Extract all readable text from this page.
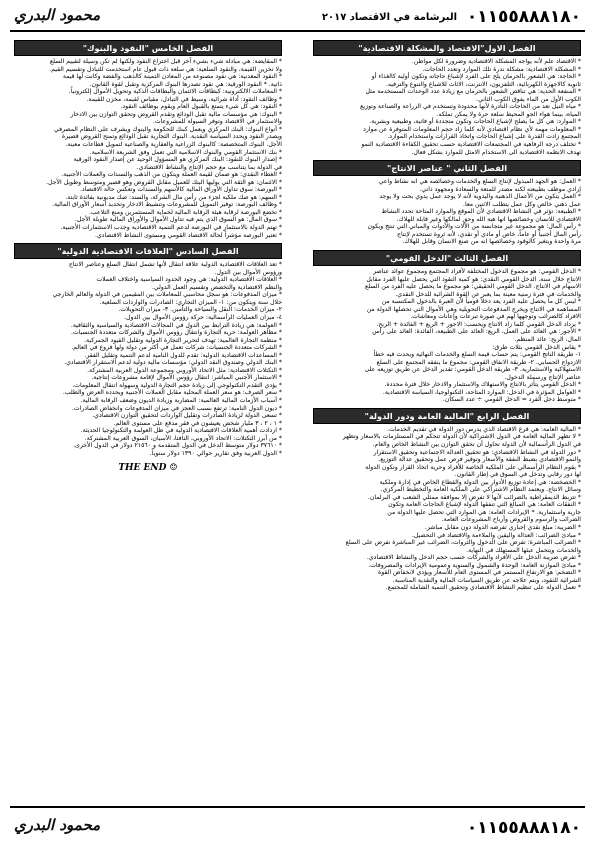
محمود البدري	البرشامة في الاقتصاد ٢٠١٧ ٠١١٥٥٨٨٨١٨٠
الفصل الاول"الاقتصاد والمشكلة الاقتصادية"

* الاقتصاد علم لأنه يواجه المشكلة الاقتصادية وضرورة لكل مواطن.

* المشكلة الاقتصادية: مشكلة ندرة تلك الموارد وتعدد الحاجات.

* الحاجة: هي الشعور بالحرمان يلح على الفرد لإشباع حاجاته وتكون أولية كالغذاء أو

ثانوية كالاجهزة الكهربائية، التلفزيون، الانترنت، الاثاث للاشباع والتنوع والترفيه.

* المنفعة الحدية: هي تناقص الشعور بالحرمان مع زيادة عدد الوحدات المستخدمة مثل

الكوب الأول من الماء يفوق الكوب الثاني.

* مياه النيل تعد من الحاجات النادرة لأنها محدودة وتستخدم في الزراعة والصناعة وتوزيع

المياه، بينما هواء الجو المحيط سلعة حرة ولا يمكن تملكه.

* الموارد: هي كل ما يصلح لإشباع الحاجات وتكون متجددة أو فانية، وطبيعية وبشرية.

* المعلومات مهمة لأي نظام اقتصادي لأنه كلما زاد حجم المعلومات المتوفرة عن موارد

المجتمع زادت القدرة على إشباع الحاجات واتخاذ القرارات واستخدام الموارد.

* تختلف درجة الرفاهية في المجتمعات الاقتصادية حسب تحقيق الكفاءة الاقتصادية النمو

تهدف الانظمة الاقتصادية الى الاستخدام الامثل للموارد بشكل فعال.

الفصل الثاني " عناصر الانتاج"

* العمل: هو الجهد المبذول لإنتاج السلع والخدمات وخصائصه هي انه نشاط واعي

إرادي موظف بطبيعته لكنه مصدر للمتعة والسعادة ومجهود ذاتي.

* العمل يتكون من الأعمال الذهنية واليدوية لأنه لا يوجد عمل يدوي بحت ولا يوجد

عمل ذهني خالص وكل عمل يتطلب الاثنين معا.

* الطبيعة: تؤثر في النشاط الاقتصادي لأن الموقع والموارد المتاحة تحدد النشاط

الاقتصادي للانسان وخصائصها انها هبة الله وحق لمالكها وغير قابلة للهلاك.

* رأس المال: هو مجموعة غير متجانسة من الآلات والأدوات والمباني التي تنتج ويكون

رأس المال أجنبياً أو عاماً، خاص أو مادي أو نقدي، لأنه ثروة تستخدم لإنتاج

مرة واحدة ويتغير كالوقود وخصائصها انه من صنع الانسان وقابل للهلاك.

الفصل الثالث "الدخل القومي"

* الدخل القومي: هو مجموع الدخول المختلفة لأفراد المجتمع ومجموع عوائد عناصر

الانتاج خلال سنة. الدخل القومي النقدي: هو كمية النقود التي يحصل عليها الفرد مقابل

الاسهام في الانتاج. الدخل القومي الحقيقي: هو مجموع ما يحصل عليه الفرد من السلع

والخدمات في فترة زمنية معينة بما يعبر عن القوة الشرائية للدخل النقدي.

* ليس كل ما يحصل عليه الفرد يعد دخلاً قومياً لأن العبرة بالدخول المكتسبة من

المساهمة في الانتاج ويخرج المدفوعات التحويلية وهي الأموال التي تحصلها الدولة من

الافراد كالضرائب وتوجهها لهم في صورة تبرعات وإعانات ومعاشات.

* يزداد الدخل القومي كلما زاد الانتاج ويحسب: الاجور + الريع + الفائدة + الربح.

* الأجور: هي العائد على العمل، الريع: العائد على الطبيعة، الفائدة: العائد على رأس

المال، الربح: عائد المنظم.

* يقاس الدخل القومي بثلاث طرق:

١- طريقة الناتج القومي: يتم حساب قيمة السلع والخدمات النهائية ويحدث فيه خطأ

الازدواج الحسابي. ٢- طريقة الانفاق القومي: مجموع ما ينفقه المجتمع على السلع

الاستهلاكية والاستثمارية. ٣- طريقة الدخل القومي: تقدير الدخل عن طريق توزيعه على

عناصر الإنتاج ورسملة الدخول.

* الدخل القومي يتأثر بالانتاج والاستهلاك والاستثمار والادخار خلال فترة محددة.

* العوامل المؤثرة في الدخل: الموارد المتاحة، التكنولوجيا، السياسة الاقتصادية.

* متوسط دخل الفرد = الدخل القومي ÷ عدد السكان.

الفصل الرابع "المالية العامة ودور الدولة"

* المالية العامة: هي فرع الاقتصاد الذي يدرس دور الدولة في تقديم الخدمات.

* لا تظهر المالية العامة في الدول الاشتراكية لأن الدولة تتحكم في المستلزمات بالاسعار وتظهر

في الدول الرأسمالية لأن الدولة تحاول أن تحقق التوازن بين النشاط الخاص والعام.

* دور الدولة في النشاط الاقتصادي: هو تحقيق العدالة الاجتماعية وتحقيق الاستقرار

والنمو الاقتصادي بضبط النفقة والأسعار وتوفير فرص عمل وتحقيق عدالة التوزيع.

* يقوم النظام الرأسمالي على الملكية الخاصة للأفراد وحرية اتخاذ القرار وتكون الدولة

لها دور رقابي وتدخل في السوق في إطار القانون.

* الخصخصة: هي إعادة توزيع الأدوار بين الدولة والقطاع الخاص في إدارة وملكية

وسائل الانتاج. ويعتمد النظام الاشتراكي على الملكية العامة والتخطيط المركزي.

* تتربط الديمقراطية بالضرائب لأنها لا تفرض إلا بموافقة ممثلي الشعب في البرلمان.

* النفقات العامة: هي المبالغ التي تنفقها الدولة لإشباع الحاجات العامة وتكون

جارية واستثمارية. * الإيرادات العامة: هي الموارد التي تحصل عليها الدولة من

الضرائب والرسوم والقروض وأرباح المشروعات العامة.

* الضريبة: مبلغ نقدي إجباري تفرضه الدولة دون مقابل مباشر.

* مبادئ الضرائب: العدالة واليقين والملاءمة والاقتصاد في التحصيل.

* الضرائب المباشرة: تفرض على الدخول والثروات، الضرائب غير المباشرة تفرض على السلع

والخدمات ويتحمل عبئها المستهلك في النهاية.

* تفرض ضريبة الدخل على الأفراد والشركات حسب حجم الدخل والنشاط الاقتصادي.

* مبادئ الموازنة العامة: الوحدة والشمول والسنوية وعمومية الإيرادات والمصروفات.

* التضخم: هو الارتفاع المستمر في المستوى العام للأسعار ويؤدي لانخفاض القوة

الشرائية للنقود، ويتم علاجه عن طريق السياسات المالية والنقدية المناسبة.

* تعمل الدولة على تنظيم النشاط الاقتصادي وتحقيق التنمية الشاملة للمجتمع.

الفصل الخامس "النقود والبنوك"

* المقايضة: هي مبادلة شيء بشيء آخر قبل اختراع النقود ولكنها لم تكن وسيلة لتقييم السلع

ولا تخزين القيمة، والنقود السلعية: هي سلعة ذات قبول عام استخدمت للتبادل وتقسيم القيم.

* النقود المعدنية: هي نقود مصنوعة من المعادن الثمينة كالذهب والفضة وكانت لها قيمة

ذاتية. * النقود الورقية: هي نقود تصدرها البنوك المركزية وتقبل لقوة القانون.

* المعاملات الالكترونية: كبطاقات الائتمان والبطاقات الذكية وتحويل الأموال إلكترونياً.

* وظائف النقود: أداة شرائية، وسيط في التبادل، مقياس لقيمة، مخزن للقيمة.

* النقود: هي كل شيء يتمتع بالقبول العام ويقوم بوظائف النقود.

* البنوك: هي مؤسسات مالية تقبل الودائع وتقدم القروض وتحقق التوازن بين الادخار

والاستثمار في الاقتصاد وتوفر السيولة للمشروعات.

* أنواع البنوك: البنك المركزي ويعمل كبنك للحكومة والبنوك ويشرف على النظام المصرفي

ويصدر النقود ويحدد السياسة النقدية. البنوك التجارية تقبل الودائع وتمنح القروض قصيرة

الأجل. البنوك المتخصصة: كالبنوك الزراعية والعقارية والصناعية لتمويل قطاعات معينة.

* بنك الاستثمار القومي والبنوك الاسلامية التي تعمل وفق الشريعة الاسلامية.

* إصدار البنوك للنقود: البنك المركزي هو المسؤول الوحيد عن إصدار النقود الورقية

في الدولة بما يتناسب مع حجم الإنتاج والنشاط الاقتصادي.

* الغطاء النقدي: هو ضمان لقيمة العملة ويتكون من الذهب والسندات والعملات الأجنبية.

* الائتمان: هو الثقة التي يوليها البنك للعميل مقابل القروض وهو قصير ومتوسط وطويل الأجل.

* البورصة: سوق تداول الأوراق المالية كالأسهم والسندات وتعكس حالة الاقتصاد.

* السهم: هو صك ملكية لجزء من رأس مال الشركة، والسند: صك مديونية بفائدة ثابتة.

* وظائف البورصة: توفير التمويل للمشروعات وتنشيط الادخار وتحديد أسعار الأوراق المالية.

* تخضع البورصة لرقابة هيئة الرقابة المالية لحماية المستثمرين ومنع التلاعب.

* سوق المال: هو السوق الذي يتم فيه تداول الأموال والأوراق المالية طويلة الأجل.

* تهتم الدولة بالاستثمار في البورصة لدعم التنمية الاقتصادية وجذب الاستثمارات الأجنبية.

* تعتبر البورصة مؤشراً لحالة الاقتصاد القومي ومستوى النشاط الاقتصادي.

الفصل السادس "العلاقات الاقتصادية الدولية"

* تعد العلاقات الاقتصادية الدولية علاقة انتقال لأنها تشمل انتقال السلع وعناصر الانتاج

ورؤوس الأموال بين الدول.

* العلاقات الاقتصادية الدولية: هي وجود الحدود السياسية واختلاف العملات

والنظم الاقتصادية والتخصص وتقسيم العمل الدولي.

* ميزان المدفوعات: هو سجل محاسبي للمعاملات بين المقيمين في الدولة والعالم الخارجي

خلال سنة ويتكون من: ١- الميزان التجاري: الصادرات والواردات السلعية.

٢- ميزان الخدمات: النقل والسياحة والتأمين. ٣- ميزان التحويلات.

٤- ميزان العمليات الرأسمالية: حركة رؤوس الأموال بين الدول.

* العولمة: هي زيادة الترابط بين الدول في المجالات الاقتصادية والسياسية والثقافية.

* مظاهر العولمة: حرية التجارة وانتقال رؤوس الأموال والشركات متعددة الجنسيات.

* منظمة التجارة العالمية: تهدف لتحرير التجارة الدولية وتقليل القيود الجمركية.

* الشركات متعددة الجنسيات: شركات تعمل في أكثر من دولة ولها فروع في العالم.

* المساعدات الاقتصادية الدولية: تقدم للدول النامية لدعم التنمية وتقليل الفقر.

* البنك الدولي وصندوق النقد الدولي: مؤسسات مالية دولية لدعم الاستقرار الاقتصادي.

* التكتلات الاقتصادية: مثل الاتحاد الأوروبي ومجموعة الدول العربية المشتركة.

* الاستثمار الأجنبي المباشر: انتقال رؤوس الأموال لإقامة مشروعات إنتاجية.

* يؤدي التقدم التكنولوجي إلى زيادة حجم التجارة الدولية وسهولة انتقال المعلومات.

* سعر الصرف: هو سعر العملة المحلية مقابل العملات الأجنبية ويحدده العرض والطلب.

* أسباب الأزمات المالية العالمية: المضاربة وزيادة الديون وضعف الرقابة المالية.

* ديون الدول النامية: ترتفع بسبب العجز في ميزان المدفوعات وانخفاض الصادرات.

* تسعى الدولة لزيادة الصادرات وتقليل الواردات لتحقيق التوازن الاقتصادي.

* ١ ، ٢ ، ٣ مليار شخص يعيشون في فقر مدقع على مستوى العالم.

* ازدادت أهمية العلاقات الاقتصادية الدولية في ظل العولمة والتكنولوجيا الحديثة.

* من أبرز التكتلات: الاتحاد الأوروبي، النافتا، الآسيان، السوق العربية المشتركة.

* ٣٧٦١٠ دولار متوسط الدخل في الدول المتقدمة و ٢١٥٦٠ دولار في الدول الأخرى.

* الدول العربية وفق تقارير حوالي ١٣٩٠ دولار سنوياً.

THE END ☺
محمود البدري	٠١١٥٥٨٨٨١٨٠
